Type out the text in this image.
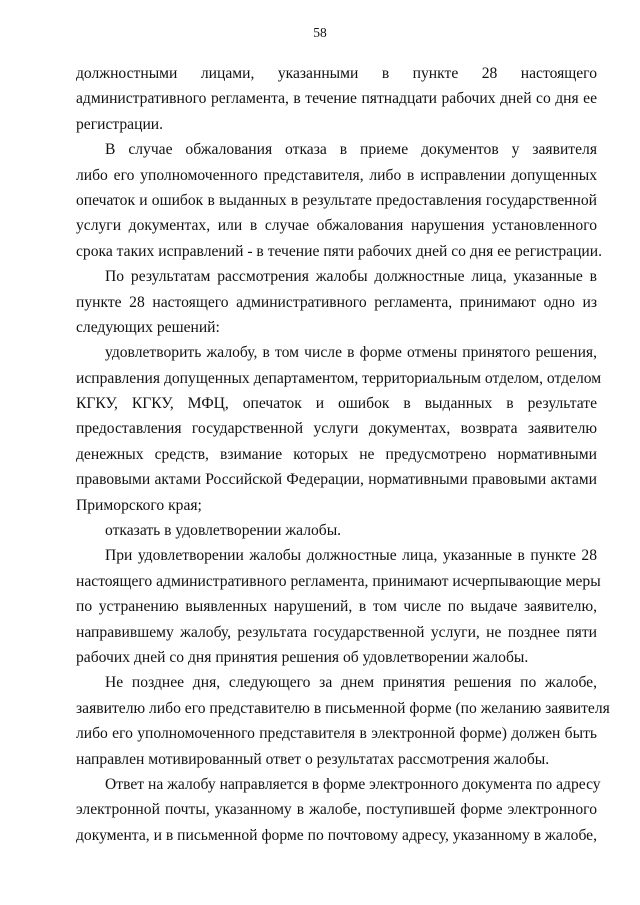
58
должностными лицами, указанными в пункте 28 настоящего
административного регламента, в течение пятнадцати рабочих дней со дня ее
регистрации.
В случае обжалования отказа в приеме документов у заявителя
либо его уполномоченного представителя, либо в исправлении допущенных
опечаток и ошибок в выданных в результате предоставления государственной
услуги документах, или в случае обжалования нарушения установленного
срока таких исправлений - в течение пяти рабочих дней со дня ее регистрации.
По результатам рассмотрения жалобы должностные лица, указанные в
пункте 28 настоящего административного регламента, принимают одно из
следующих решений:
удовлетворить жалобу, в том числе в форме отмены принятого решения,
исправления допущенных департаментом, территориальным отделом, отделом
КГКУ, КГКУ, МФЦ, опечаток и ошибок в выданных в результате
предоставления государственной услуги документах, возврата заявителю
денежных средств, взимание которых не предусмотрено нормативными
правовыми актами Российской Федерации, нормативными правовыми актами
Приморского края;
отказать в удовлетворении жалобы.
При удовлетворении жалобы должностные лица, указанные в пункте 28
настоящего административного регламента, принимают исчерпывающие меры
по устранению выявленных нарушений, в том числе по выдаче заявителю,
направившему жалобу, результата государственной услуги, не позднее пяти
рабочих дней со дня принятия решения об удовлетворении жалобы.
Не позднее дня, следующего за днем принятия решения по жалобе,
заявителю либо его представителю в письменной форме (по желанию заявителя
либо его уполномоченного представителя в электронной форме) должен быть
направлен мотивированный ответ о результатах рассмотрения жалобы.
Ответ на жалобу направляется в форме электронного документа по адресу
электронной почты, указанному в жалобе, поступившей форме электронного
документа, и в письменной форме по почтовому адресу, указанному в жалобе,
